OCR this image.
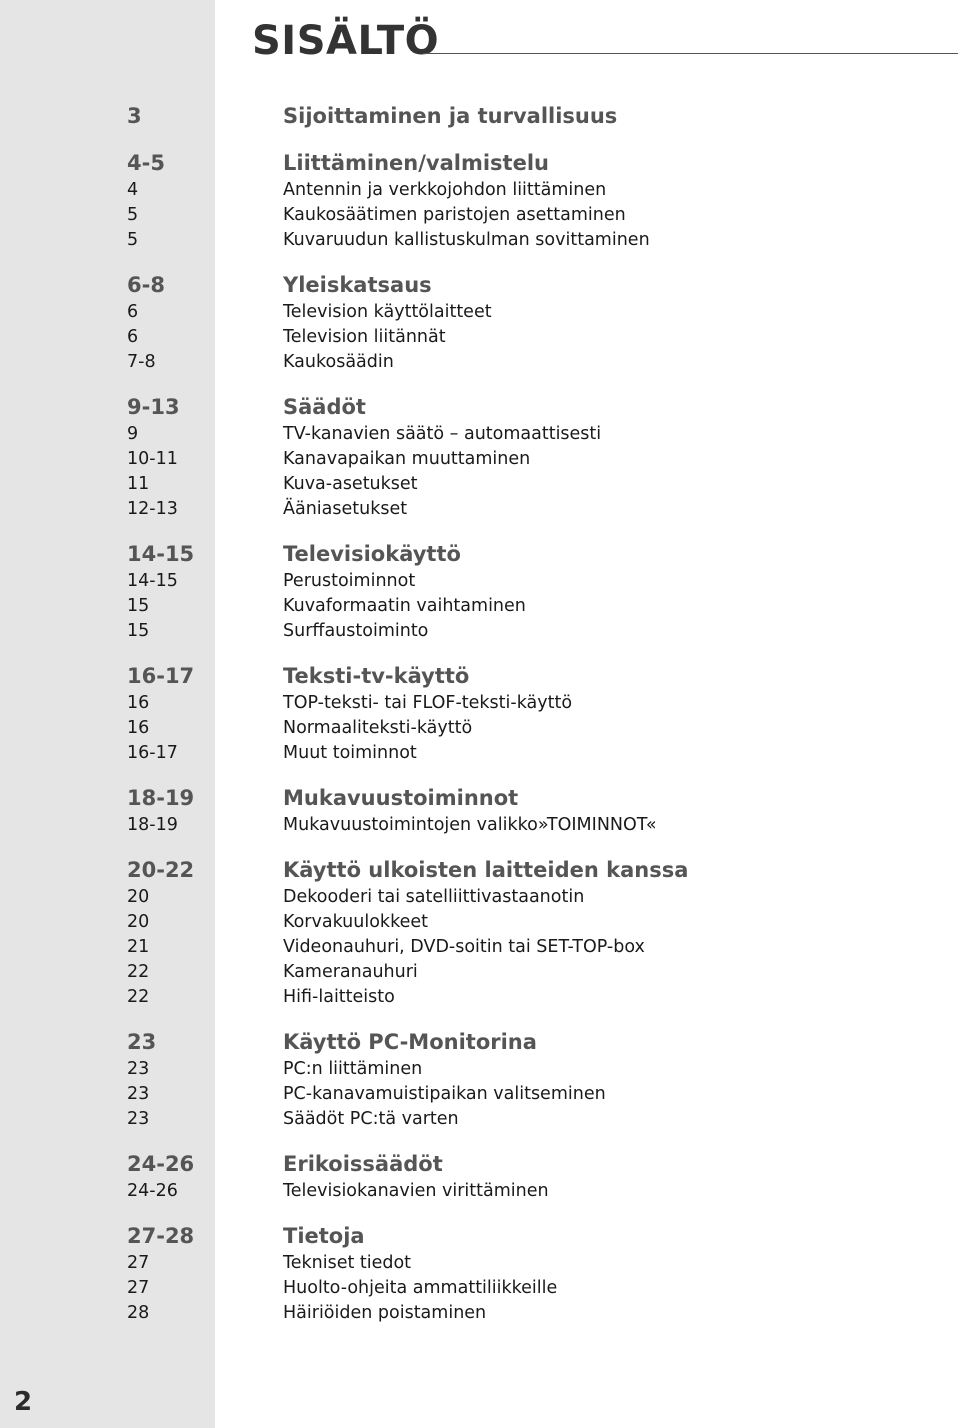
2
SISÄLTÖ
3	Sijoittaminen ja turvallisuus
4-5	Liittäminen/valmistelu
4	Antennin ja verkkojohdon liittäminen
5	Kaukosäätimen paristojen asettaminen
5	Kuvaruudun kallistuskulman sovittaminen
6-8	Yleiskatsaus
6	Television käyttölaitteet
6	Television liitännät
7-8	Kaukosäädin
9-13	Säädöt
9	TV-kanavien säätö – automaattisesti
10-11	Kanavapaikan muuttaminen
11	Kuva-asetukset
12-13	Ääniasetukset
14-15	Televisiokäyttö
14-15	Perustoiminnot
15	Kuvaformaatin vaihtaminen
15	Surffaustoiminto
16-17	Teksti-tv-käyttö
16	TOP-teksti- tai FLOF-teksti-käyttö
16	Normaaliteksti-käyttö
16-17	Muut toiminnot
18-19	Mukavuustoiminnot
18-19	Mukavuustoimintojen valikko»TOIMINNOT«
20-22	Käyttö ulkoisten laitteiden kanssa
20	Dekooderi tai satelliittivastaanotin
20	Korvakuulokkeet
21	Videonauhuri, DVD-soitin tai SET-TOP-box
22	Kameranauhuri
22	Hifi-laitteisto
23	Käyttö PC-Monitorina
23	PC:n liittäminen
23	PC-kanavamuistipaikan valitseminen
23	Säädöt PC:tä varten
24-26	Erikoissäädöt
24-26	Televisiokanavien virittäminen
27-28	Tietoja
27	Tekniset tiedot
27	Huolto-ohjeita ammattiliikkeille
28	Häiriöiden poistaminen
